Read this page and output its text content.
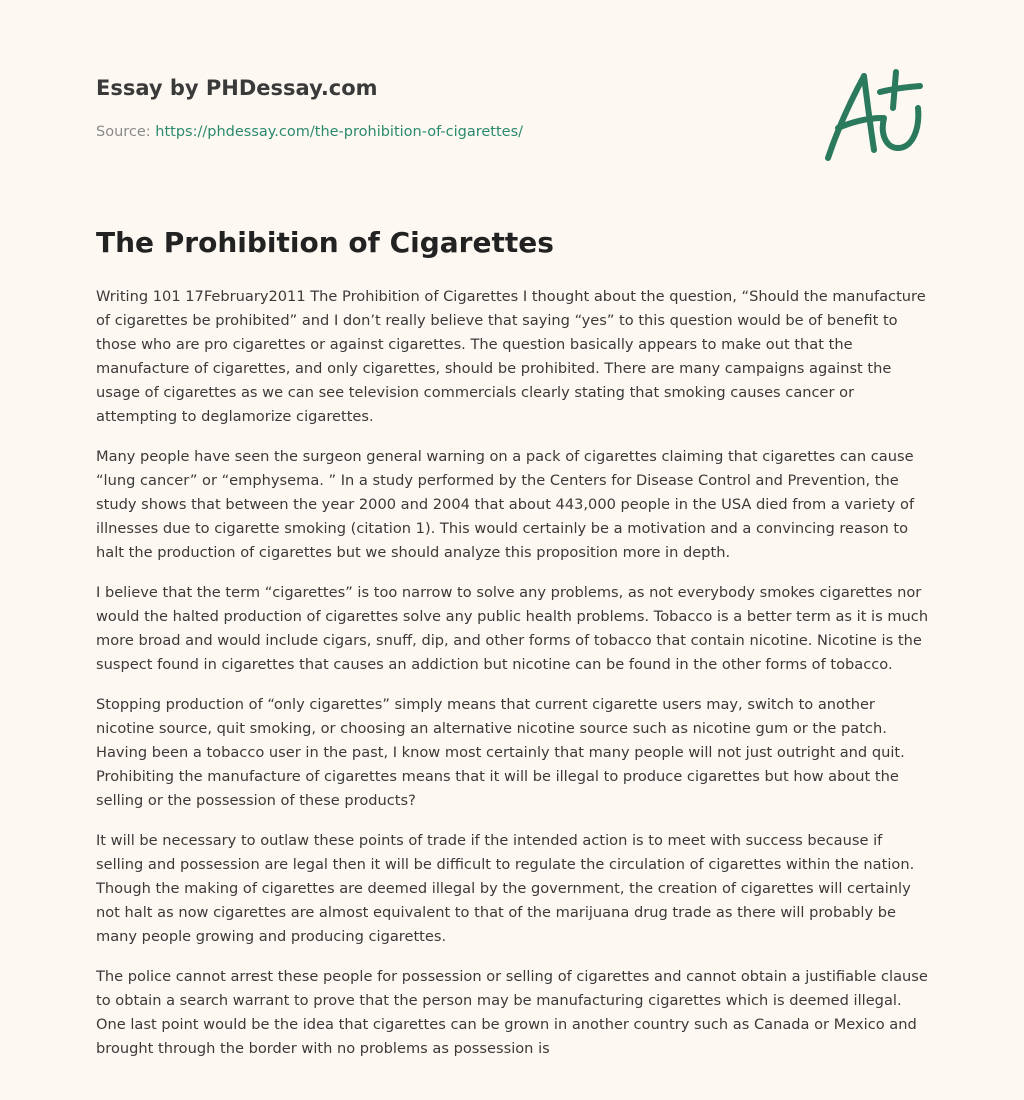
Essay by PHDessay.com
Source: https://phdessay.com/the-prohibition-of-cigarettes/
The Prohibition of Cigarettes

Writing 101 17February2011 The Prohibition of Cigarettes I thought about the question, “Should the manufacture of cigarettes be prohibited” and I don’t really believe that saying “yes” to this question would be of benefit to those who are pro cigarettes or against cigarettes. The question basically appears to make out that the manufacture of cigarettes, and only cigarettes, should be prohibited. There are many campaigns against the usage of cigarettes as we can see television commercials clearly stating that smoking causes cancer or attempting to deglamorize cigarettes.

Many people have seen the surgeon general warning on a pack of cigarettes claiming that cigarettes can cause “lung cancer” or “emphysema. ” In a study performed by the Centers for Disease Control and Prevention, the study shows that between the year 2000 and 2004 that about 443,000 people in the USA died from a variety of illnesses due to cigarette smoking (citation 1). This would certainly be a motivation and a convincing reason to halt the production of cigarettes but we should analyze this proposition more in depth.

I believe that the term “cigarettes” is too narrow to solve any problems, as not everybody smokes cigarettes nor would the halted production of cigarettes solve any public health problems. Tobacco is a better term as it is much more broad and would include cigars, snuff, dip, and other forms of tobacco that contain nicotine. Nicotine is the suspect found in cigarettes that causes an addiction but nicotine can be found in the other forms of tobacco.

Stopping production of “only cigarettes” simply means that current cigarette users may, switch to another nicotine source, quit smoking, or choosing an alternative nicotine source such as nicotine gum or the patch. Having been a tobacco user in the past, I know most certainly that many people will not just outright and quit. Prohibiting the manufacture of cigarettes means that it will be illegal to produce cigarettes but how about the selling or the possession of these products?

It will be necessary to outlaw these points of trade if the intended action is to meet with success because if selling and possession are legal then it will be difficult to regulate the circulation of cigarettes within the nation. Though the making of cigarettes are deemed illegal by the government, the creation of cigarettes will certainly not halt as now cigarettes are almost equivalent to that of the marijuana drug trade as there will probably be many people growing and producing cigarettes.

The police cannot arrest these people for possession or selling of cigarettes and cannot obtain a justifiable clause to obtain a search warrant to prove that the person may be manufacturing cigarettes which is deemed illegal. One last point would be the idea that cigarettes can be grown in another country such as Canada or Mexico and brought through the border with no problems as possession is
